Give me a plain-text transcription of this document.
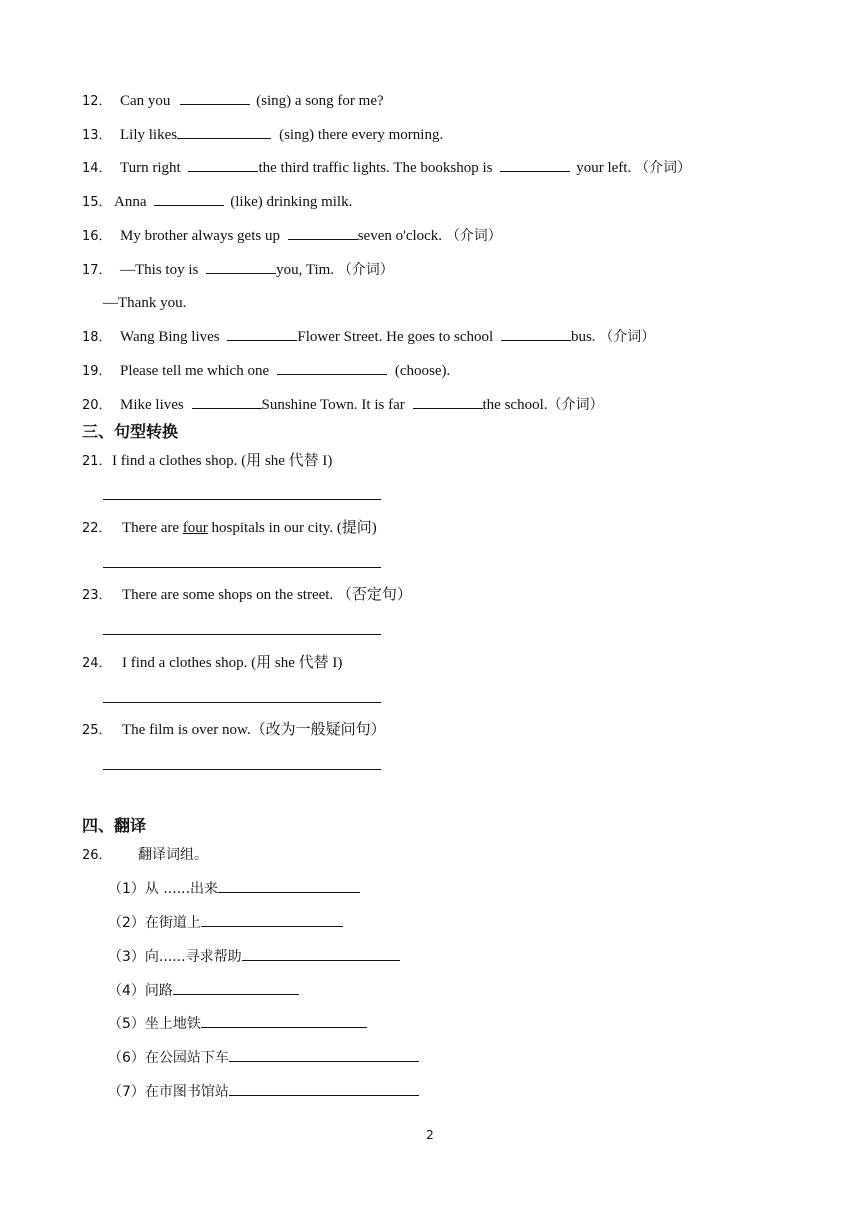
12． Can you	(sing) a song for me?
13． Lily likes	(sing) there every morning.
14． Turn right	the third traffic lights. The bookshop is	your left. （介词）
15． Anna	(like) drinking milk.
16． My brother always gets up	seven o'clock. （介词）
17． —This toy is	you, Tim. （介词）
—Thank you.
18． Wang Bing lives	Flower Street. He goes to school	bus. （介词）
19． Please tell me which one	(choose).
20． Mike lives	Sunshine Town. It is far	the school.（介词）
三、句型转换
21．I find a clothes shop. (用 she 代替 I)
22． There are four hospitals in our city. (提问)
23． There are some shops on the street. （否定句）
24． I find a clothes shop. (用 she 代替 I)
25． The film is over now.（改为一般疑问句）
四、翻译
26． 翻译词组。
（1）从 ......出来
（2）在街道上
（3）向......寻求帮助
（4）问路
（5）坐上地铁
（6）在公园站下车
（7）在市图书馆站
2
